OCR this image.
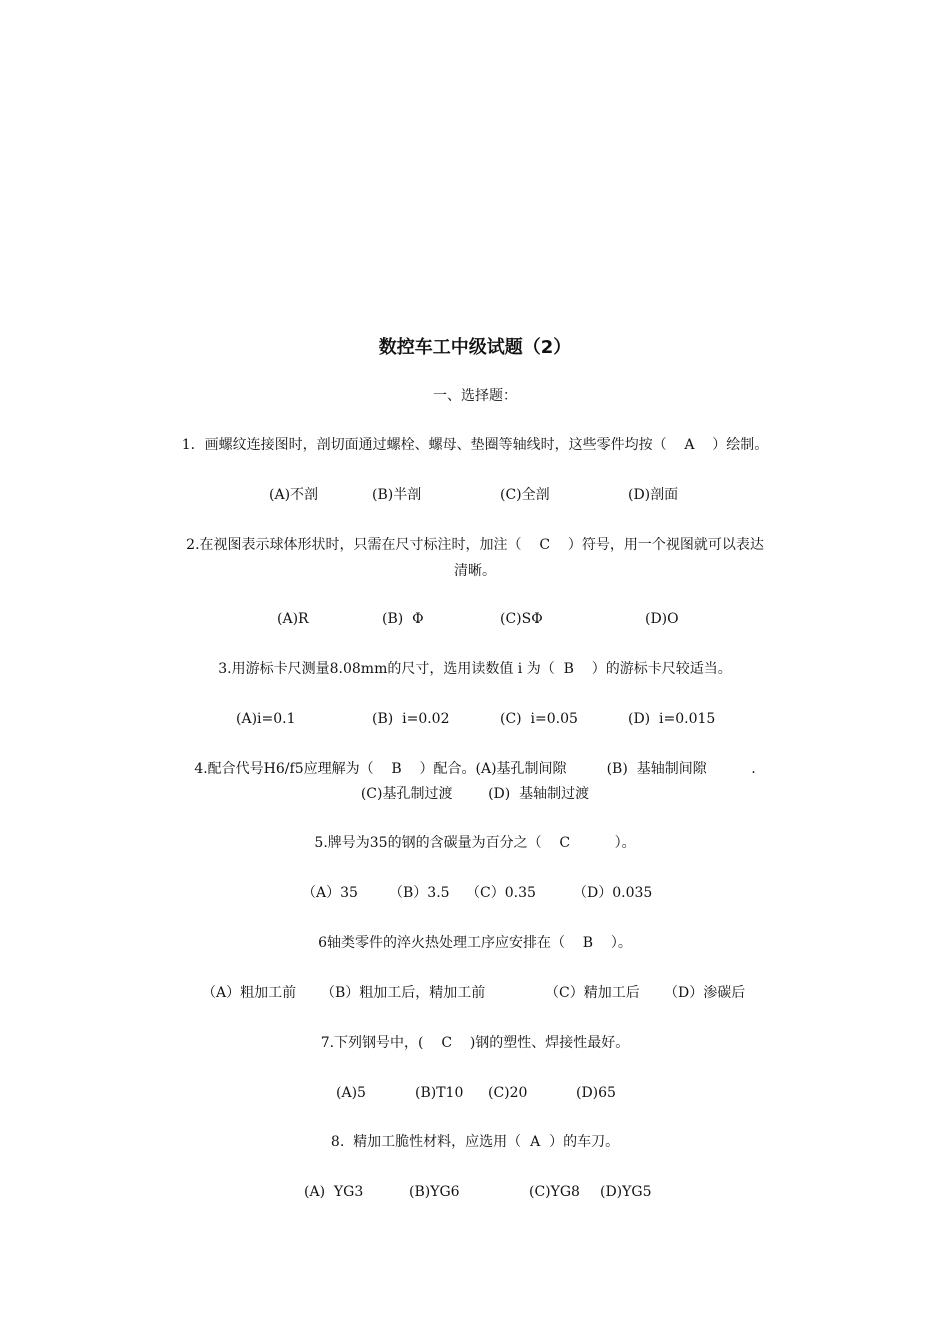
数控车工中级试题（2）
一、选择题：
1．画螺纹连接图时，剖切面通过螺栓、螺母、垫圈等轴线时，这些零件均按（    A    ）绘制。
(A)不剖	(B)半剖	(C)全剖	(D)剖面
2.在视图表示球体形状时，只需在尺寸标注时，加注（    C    ）符号，用一个视图就可以表达
清晰。
(A)R	(B)  Φ	(C)SΦ	(D)O
3.用游标卡尺测量8.08mm的尺寸，选用读数值 i 为（  B    ）的游标卡尺较适当。
(A)i=0.1	(B)  i=0.02	(C)  i=0.05	(D)  i=0.015
4.配合代号H6/f5应理解为（    B    ）配合。(A)基孔制间隙         (B)  基轴制间隙          .
(C)基孔制过渡        (D)  基轴制过渡
5.牌号为35的钢的含碳量为百分之（    C          ）。
（A）35 （B）3.5 （C）0.35	（D）0.035
6轴类零件的淬火热处理工序应安排在（    B    ）。
（A）粗加工前 （B）粗加工后，精加工前	（C）精加工后 （D）渗碳后
7.下列钢号中，(    C    )钢的塑性、焊接性最好。
(A)5	(B)T10 (C)20	(D)65
8.  精加工脆性材料，应选用（  A  ）的车刀。
(A)  YG3	(B)YG6	(C)YG8 (D)YG5
